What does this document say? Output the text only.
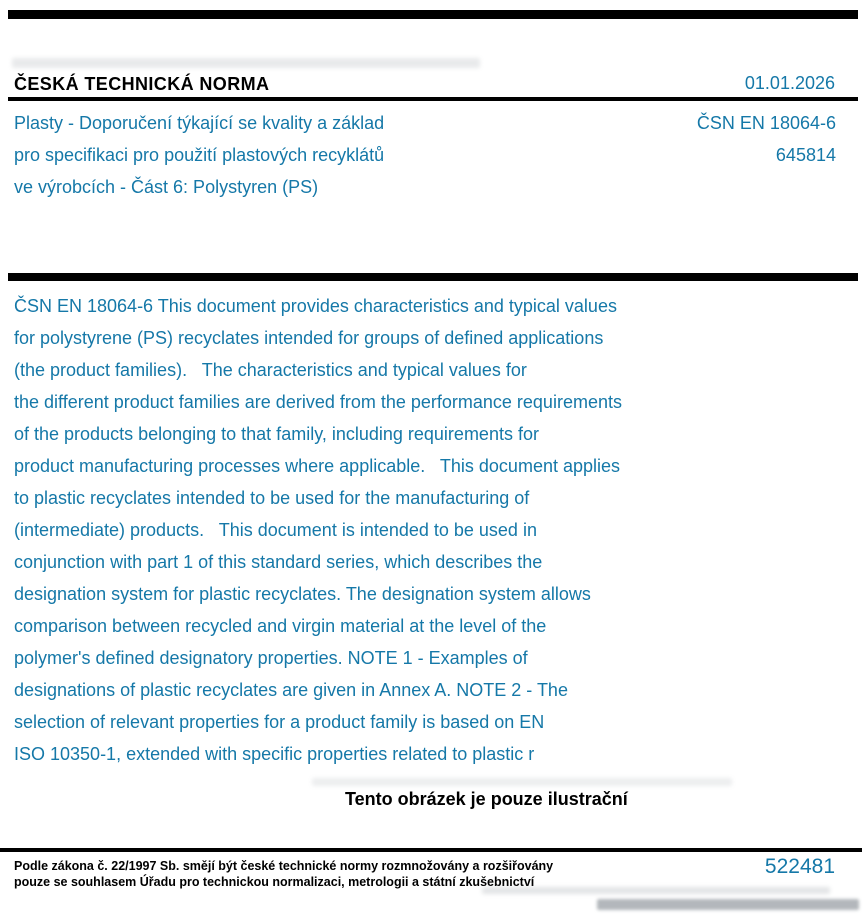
ČESKÁ TECHNICKÁ NORMA	01.01.2026
Plasty - Doporučení týkající se kvality a základ
pro specifikaci pro použití plastových recyklátů
ve výrobcích - Část 6: Polystyren (PS)
ČSN EN 18064-6
645814
ČSN EN 18064-6 This document provides characteristics and typical values
for polystyrene (PS) recyclates intended for groups of defined applications
(the product families).   The characteristics and typical values for
the different product families are derived from the performance requirements
of the products belonging to that family, including requirements for
product manufacturing processes where applicable.   This document applies
to plastic recyclates intended to be used for the manufacturing of
(intermediate) products.   This document is intended to be used in
conjunction with part 1 of this standard series, which describes the
designation system for plastic recyclates. The designation system allows
comparison between recycled and virgin material at the level of the
polymer's defined designatory properties. NOTE 1 - Examples of
designations of plastic recyclates are given in Annex A. NOTE 2 - The
selection of relevant properties for a product family is based on EN
ISO 10350-1, extended with specific properties related to plastic r
Tento obrázek je pouze ilustrační
Podle zákona č. 22/1997 Sb. smějí být české technické normy rozmnožovány a rozšiřovány
pouze se souhlasem Úřadu pro technickou normalizaci, metrologii a státní zkušebnictví
522481
